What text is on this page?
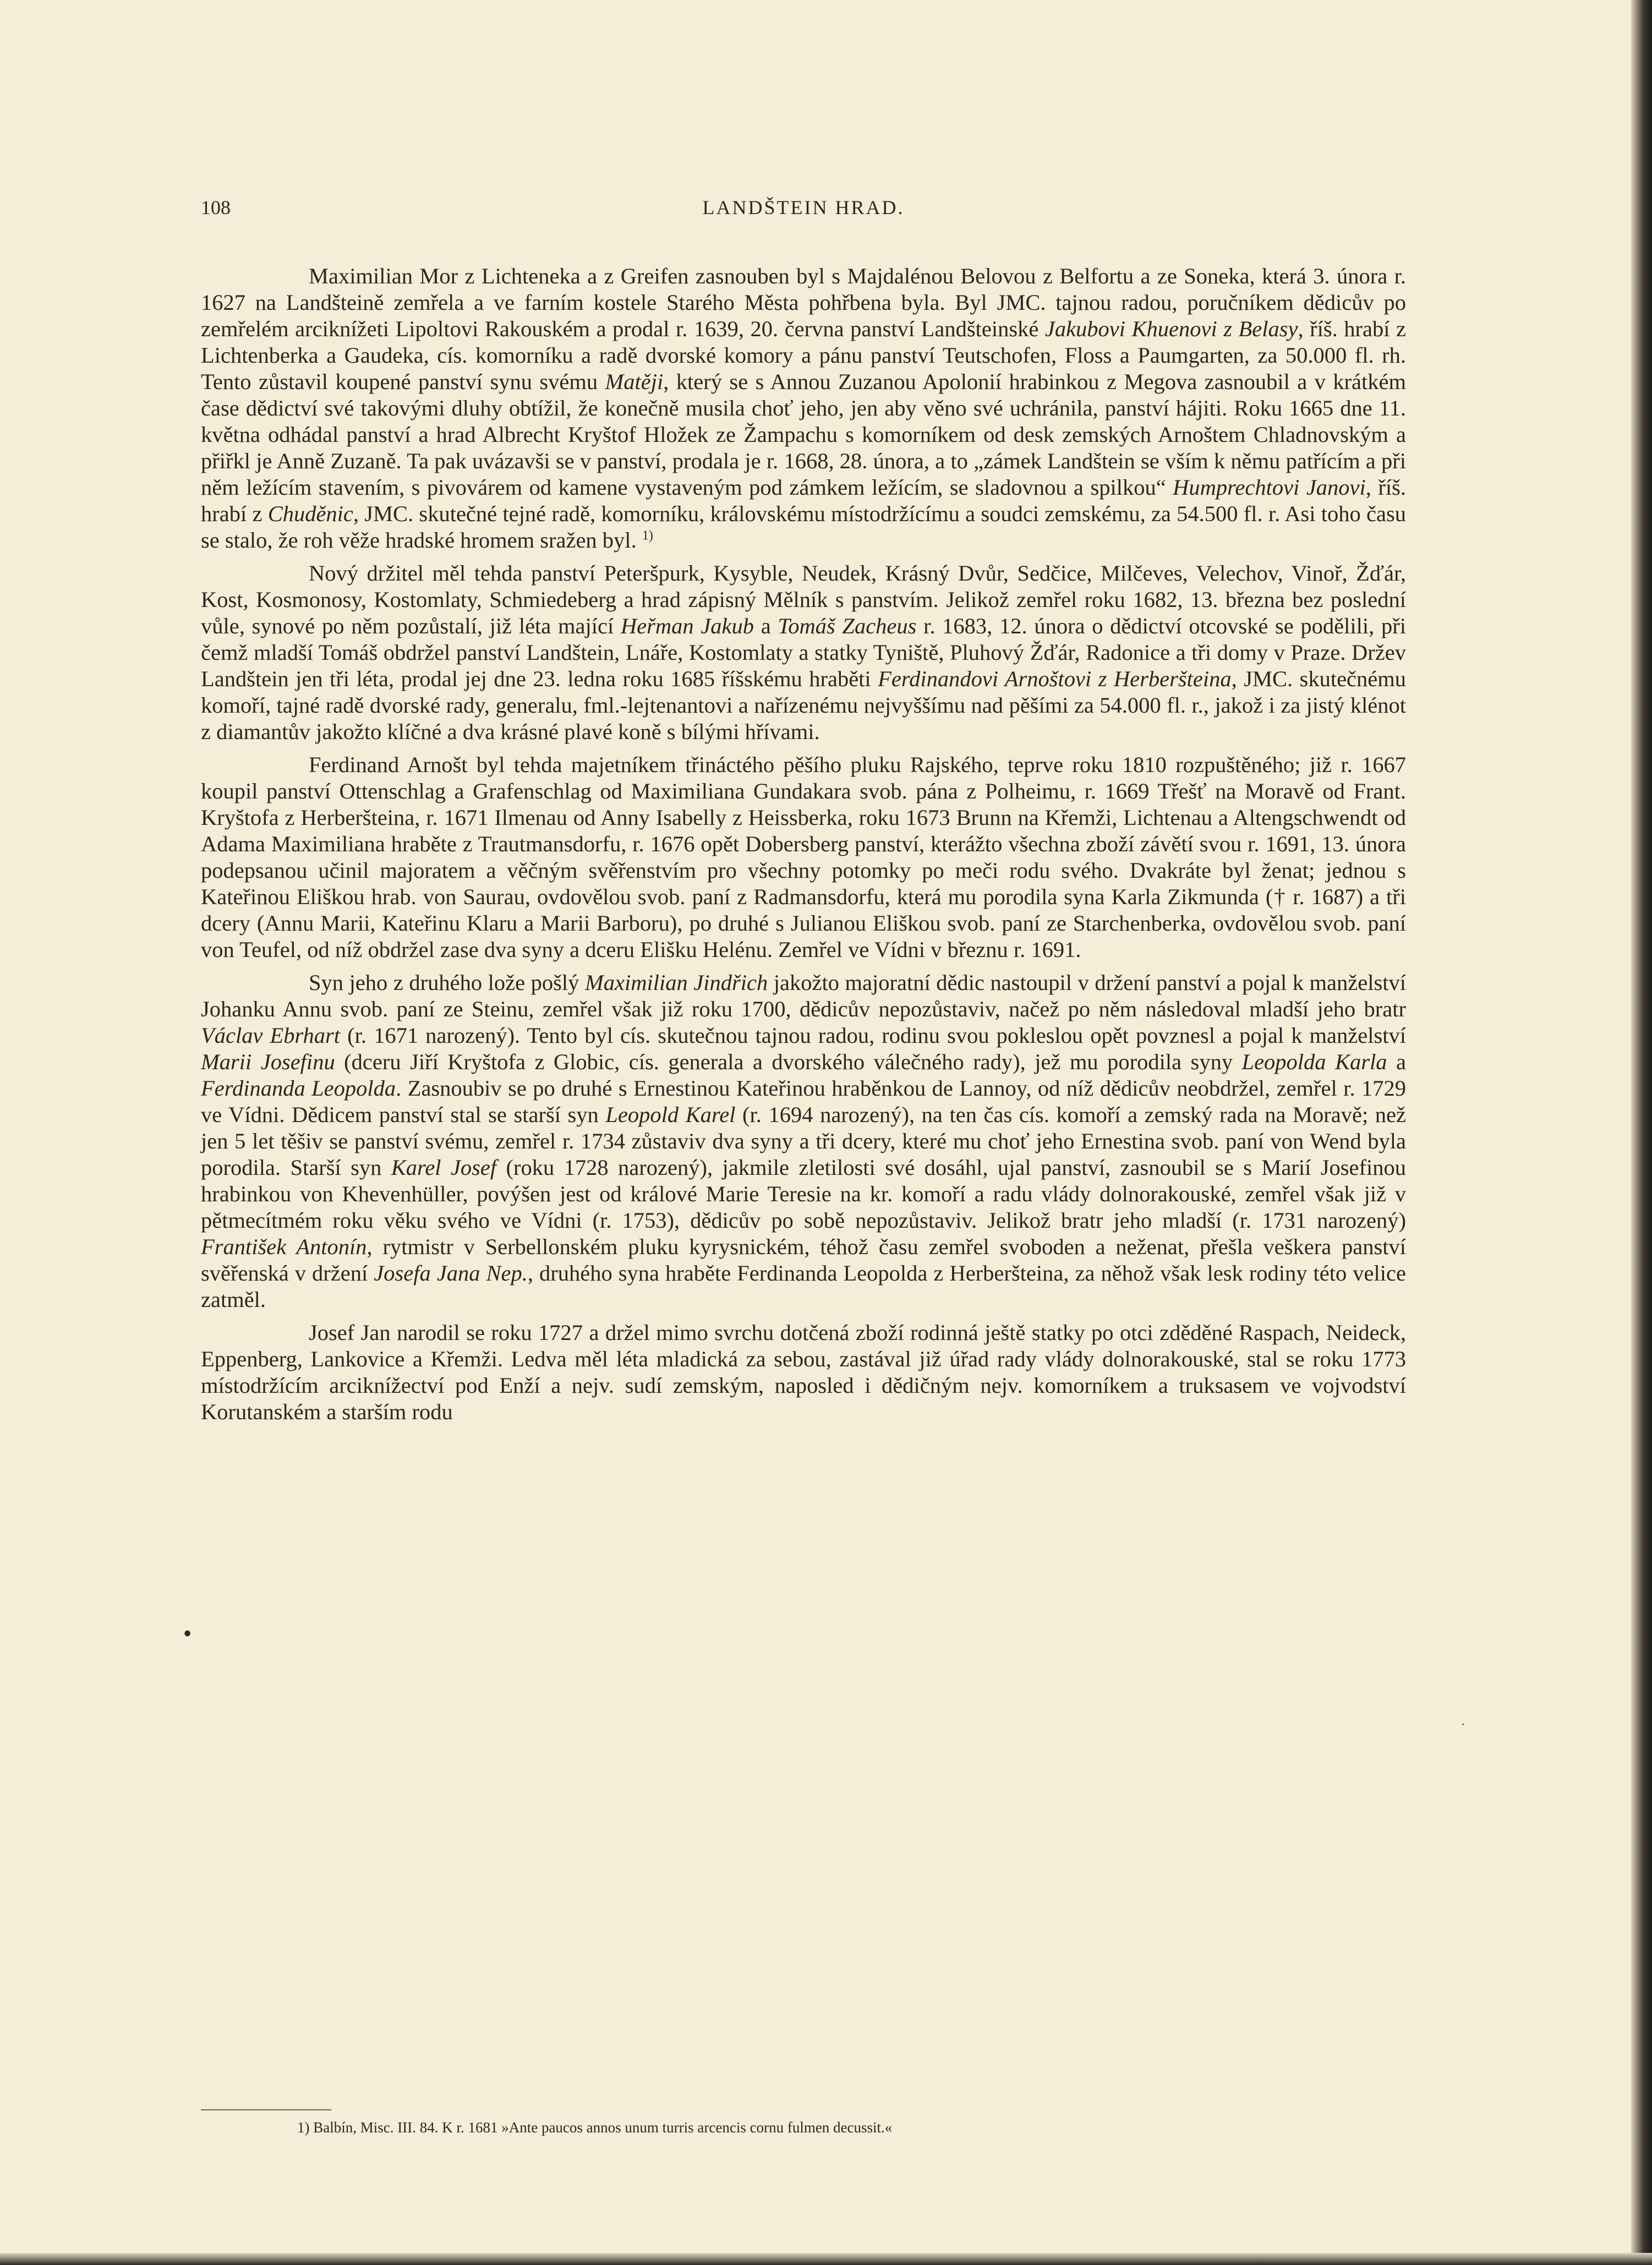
108	LANDŠTEIN HRAD.

Maximilian Mor z Lichteneka a z Greifen zasnouben byl s Majdalénou Belovou z Belfortu a ze Soneka, která 3. února r. 1627 na Landšteině zemřela a ve farním kostele Starého Města pohřbena byla. Byl JMC. tajnou radou, poručníkem dědicův po zemřelém arciknížeti Lipoltovi Rakouském a prodal r. 1639, 20. června panství Landšteinské Jakubovi Khuenovi z Belasy, říš. hrabí z Lichtenberka a Gaudeka, cís. komorníku a radě dvorské komory a pánu panství Teutschofen, Floss a Paumgarten, za 50.000 fl. rh. Tento zůstavil koupené panství synu svému Matěji, který se s Annou Zuzanou Apolonií hrabinkou z Megova zasnoubil a v krátkém čase dědictví své takovými dluhy obtížil, že konečně musila choť jeho, jen aby věno své uchránila, panství hájiti. Roku 1665 dne 11. května odhádal panství a hrad Albrecht Kryštof Hložek ze Žampachu s komorníkem od desk zemských Arnoštem Chladnovským a přiřkl je Anně Zuzaně. Ta pak uvázavši se v panství, prodala je r. 1668, 28. února, a to „zámek Landštein se vším k němu patřícím a při něm ležícím stavením, s pivovárem od kamene vystaveným pod zámkem ležícím, se sladovnou a spilkou“ Humprechtovi Janovi, říš. hrabí z Chuděnic, JMC. skutečné tejné radě, komorníku, královskému místodržícímu a soudci zemskému, za 54.500 fl. r. Asi toho času se stalo, že roh věže hradské hromem sražen byl. $^{1)}$

Nový držitel měl tehda panství Peteršpurk, Kysyble, Neudek, Krásný Dvůr, Sedčice, Milčeves, Velechov, Vinoř, Žďár, Kost, Kosmonosy, Kostomlaty, Schmiedeberg a hrad zápisný Mělník s panstvím. Jelikož zemřel roku 1682, 13. března bez poslední vůle, synové po něm pozůstalí, již léta mající Heřman Jakub a Tomáš Zacheus r. 1683, 12. února o dědictví otcovské se podělili, při čemž mladší Tomáš obdržel panství Landštein, Lnáře, Kostomlaty a statky Tyniště, Pluhový Žďár, Radonice a tři domy v Praze. Držev Landštein jen tři léta, prodal jej dne 23. ledna roku 1685 říšskému hraběti Ferdinandovi Arnoštovi z Herberšteina, JMC. skutečnému komoří, tajné radě dvorské rady, generalu, fml.-lejtenantovi a nařízenému nejvyššímu nad pěšími za 54.000 fl. r., jakož i za jistý klénot z diamantův jakožto klíčné a dva krásné plavé koně s bílými hřívami.

Ferdinand Arnošt byl tehda majetníkem třináctého pěšího pluku Rajského, teprve roku 1810 rozpuštěného; již r. 1667 koupil panství Ottenschlag a Grafenschlag od Maximiliana Gundakara svob. pána z Polheimu, r. 1669 Třešť na Moravě od Frant. Kryštofa z Herberšteina, r. 1671 Ilmenau od Anny Isabelly z Heissberka, roku 1673 Brunn na Křemži, Lichtenau a Altengschwendt od Adama Maximiliana hraběte z Trautmansdorfu, r. 1676 opět Dobersberg panství, kterážto všechna zboží závětí svou r. 1691, 13. února podepsanou učinil majoratem a věčným svěřenstvím pro všechny potomky po meči rodu svého. Dvakráte byl ženat; jednou s Kateřinou Eliškou hrab. von Saurau, ovdovělou svob. paní z Radmansdorfu, která mu porodila syna Karla Zikmunda († r. 1687) a tři dcery (Annu Marii, Kateřinu Klaru a Marii Barboru), po druhé s Julianou Eliškou svob. paní ze Starchenberka, ovdovělou svob. paní von Teufel, od níž obdržel zase dva syny a dceru Elišku Helénu. Zemřel ve Vídni v březnu r. 1691.

Syn jeho z druhého lože pošlý Maximilian Jindřich jakožto majoratní dědic nastoupil v držení panství a pojal k manželství Johanku Annu svob. paní ze Steinu, zemřel však již roku 1700, dědicův nepozůstaviv, načež po něm následoval mladší jeho bratr Václav Ebrhart (r. 1671 narozený). Tento byl cís. skutečnou tajnou radou, rodinu svou pokleslou opět povznesl a pojal k manželství Marii Josefinu (dceru Jiří Kryštofa z Globic, cís. generala a dvorského válečného rady), jež mu porodila syny Leopolda Karla a Ferdinanda Leopolda. Zasnoubiv se po druhé s Ernestinou Kateřinou hraběnkou de Lannoy, od níž dědicův neobdržel, zemřel r. 1729 ve Vídni. Dědicem panství stal se starší syn Leopold Karel (r. 1694 narozený), na ten čas cís. komoří a zemský rada na Moravě; než jen 5 let těšiv se panství svému, zemřel r. 1734 zůstaviv dva syny a tři dcery, které mu choť jeho Ernestina svob. paní von Wend byla porodila. Starší syn Karel Josef (roku 1728 narozený), jakmile zletilosti své dosáhl, ujal panství, zasnoubil se s Marií Josefinou hrabinkou von Khevenhüller, povýšen jest od králové Marie Teresie na kr. komoří a radu vlády dolnorakouské, zemřel však již v pětmecítmém roku věku svého ve Vídni (r. 1753), dědicův po sobě nepozůstaviv. Jelikož bratr jeho mladší (r. 1731 narozený) František Antonín, rytmistr v Serbellonském pluku kyrysnickém, téhož času zemřel svoboden a neženat, přešla veškera panství svěřenská v držení Josefa Jana Nep., druhého syna hraběte Ferdinanda Leopolda z Herberšteina, za něhož však lesk rodiny této velice zatměl.

Josef Jan narodil se roku 1727 a držel mimo svrchu dotčená zboží rodinná ještě statky po otci zděděné Raspach, Neideck, Eppenberg, Lankovice a Křemži. Ledva měl léta mladická za sebou, zastával již úřad rady vlády dolnorakouské, stal se roku 1773 místodržícím arciknížectví pod Enží a nejv. sudí zemským, naposled i dědičným nejv. komorníkem a truksasem ve vojvodství Korutanském a starším rodu

•
·
1) Balbín, Misc. III. 84. K r. 1681 »Ante paucos annos unum turris arcencis cornu fulmen decussit.«
